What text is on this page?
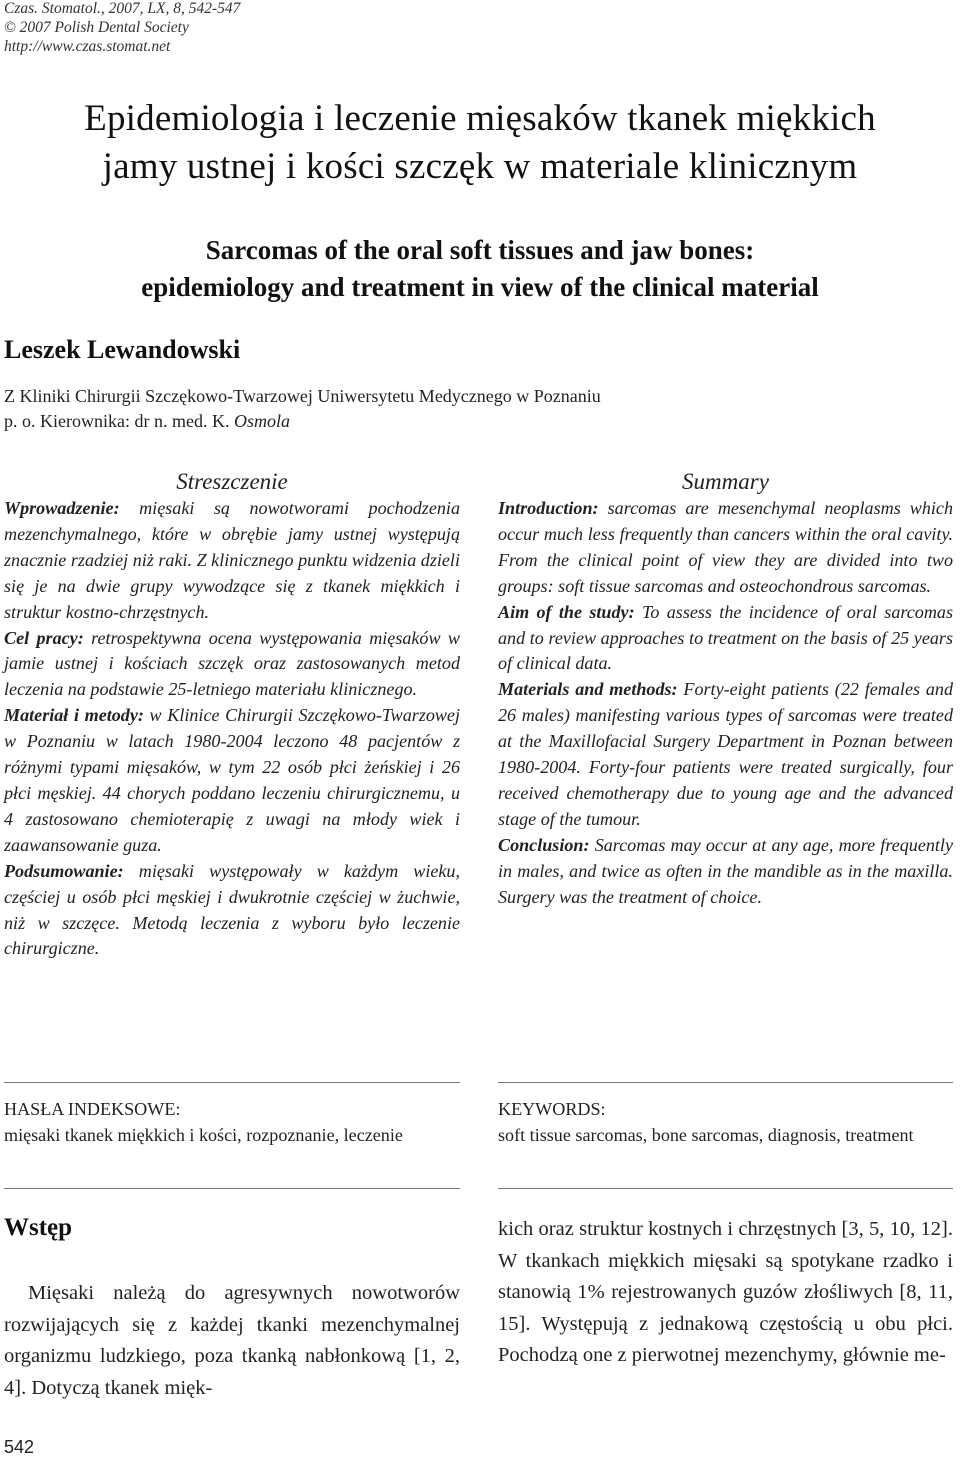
Czas. Stomatol., 2007, LX, 8, 542-547
© 2007 Polish Dental Society
http://www.czas.stomat.net
Epidemiologia i leczenie mięsaków tkanek miękkich
jamy ustnej i kości szczęk w materiale klinicznym
Sarcomas of the oral soft tissues and jaw bones:
epidemiology and treatment in view of the clinical material
Leszek Lewandowski
Z Kliniki Chirurgii Szczękowo-Twarzowej Uniwersytetu Medycznego w Poznaniu
p. o. Kierownika: dr n. med. K. Osmola
Streszczenie

Wprowadzenie: mięsaki są nowotworami pochodzenia mezenchymalnego, które w obrębie jamy ustnej występują znacznie rzadziej niż raki. Z klinicznego punktu widzenia dzieli się je na dwie grupy wywodzące się z tkanek miękkich i struktur kostno-chrzęstnych.

Cel pracy: retrospektywna ocena występowania mięsaków w jamie ustnej i kościach szczęk oraz zastosowanych metod leczenia na podstawie 25-letniego materiału klinicznego.

Materiał i metody: w Klinice Chirurgii Szczękowo-Twarzowej w Poznaniu w latach 1980-2004 leczono 48 pacjentów z różnymi typami mięsaków, w tym 22 osób płci żeńskiej i 26 płci męskiej. 44 chorych poddano leczeniu chirurgicznemu, u 4 zastosowano chemioterapię z uwagi na młody wiek i zaawansowanie guza.

Podsumowanie: mięsaki występowały w każdym wieku, częściej u osób płci męskiej i dwukrotnie częściej w żuchwie, niż w szczęce. Metodą leczenia z wyboru było leczenie chirurgiczne.

Summary

Introduction: sarcomas are mesenchymal neoplasms which occur much less frequently than cancers within the oral cavity. From the clinical point of view they are divided into two groups: soft tissue sarcomas and osteochondrous sarcomas.

Aim of the study: To assess the incidence of oral sarcomas and to review approaches to treatment on the basis of 25 years of clinical data.

Materials and methods: Forty-eight patients (22 females and 26 males) manifesting various types of sarcomas were treated at the Maxillofacial Surgery Department in Poznan between 1980-2004. Forty-four patients were treated surgically, four received chemotherapy due to young age and the advanced stage of the tumour.

Conclusion: Sarcomas may occur at any age, more frequently in males, and twice as often in the mandible as in the maxilla. Surgery was the treatment of choice.

HASŁA INDEKSOWE:
mięsaki tkanek miękkich i kości, rozpoznanie, leczenie
KEYWORDS:
soft tissue sarcomas, bone sarcomas, diagnosis, treatment
Wstęp
Mięsaki należą do agresywnych nowotworów rozwijających się z każdej tkanki mezenchymalnej organizmu ludzkiego, poza tkanką nabłonkową [1, 2, 4]. Dotyczą tkanek mięk-
kich oraz struktur kostnych i chrzęstnych [3, 5, 10, 12]. W tkankach miękkich mięsaki są spotykane rzadko i stanowią 1% rejestrowanych guzów złośliwych [8, 11, 15]. Występują z jednakową częstością u obu płci. Pochodzą one z pierwotnej mezenchymy, głównie me-
542
